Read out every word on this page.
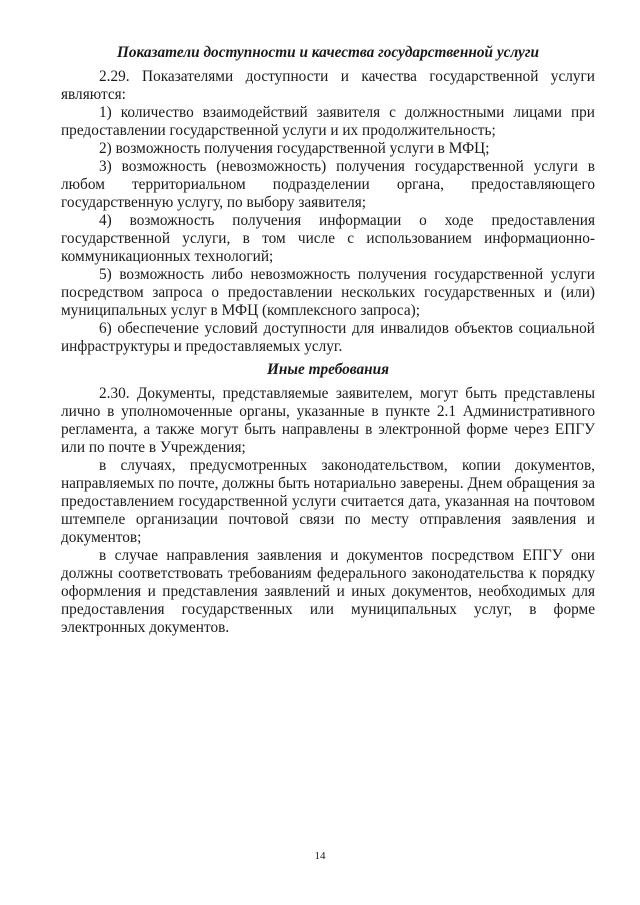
Показатели доступности и качества государственной услуги

2.29. Показателями доступности и качества государственной услуги являются:

1) количество взаимодействий заявителя с должностными лицами при предоставлении государственной услуги и их продолжительность;

2) возможность получения государственной услуги в МФЦ;

3) возможность (невозможность) получения государственной услуги в любом территориальном подразделении органа, предоставляющего государственную услугу, по выбору заявителя;

4) возможность получения информации о ходе предоставления государственной услуги, в том числе с использованием информационно-коммуникационных технологий;

5) возможность либо невозможность получения государственной услуги посредством запроса о предоставлении нескольких государственных и (или) муниципальных услуг в МФЦ (комплексного запроса);

6) обеспечение условий доступности для инвалидов объектов социальной инфраструктуры и предоставляемых услуг.

Иные требования

2.30. Документы, представляемые заявителем, могут быть представлены лично в уполномоченные органы, указанные в пункте 2.1 Административного регламента, а также могут быть направлены в электронной форме через ЕПГУ или по почте в Учреждения;

в случаях, предусмотренных законодательством, копии документов, направляемых по почте, должны быть нотариально заверены. Днем обращения за предоставлением государственной услуги считается дата, указанная на почтовом штемпеле организации почтовой связи по месту отправления заявления и документов;

в случае направления заявления и документов посредством ЕПГУ они должны соответствовать требованиям федерального законодательства к порядку оформления и представления заявлений и иных документов, необходимых для предоставления государственных или муниципальных услуг, в форме электронных документов.

14
